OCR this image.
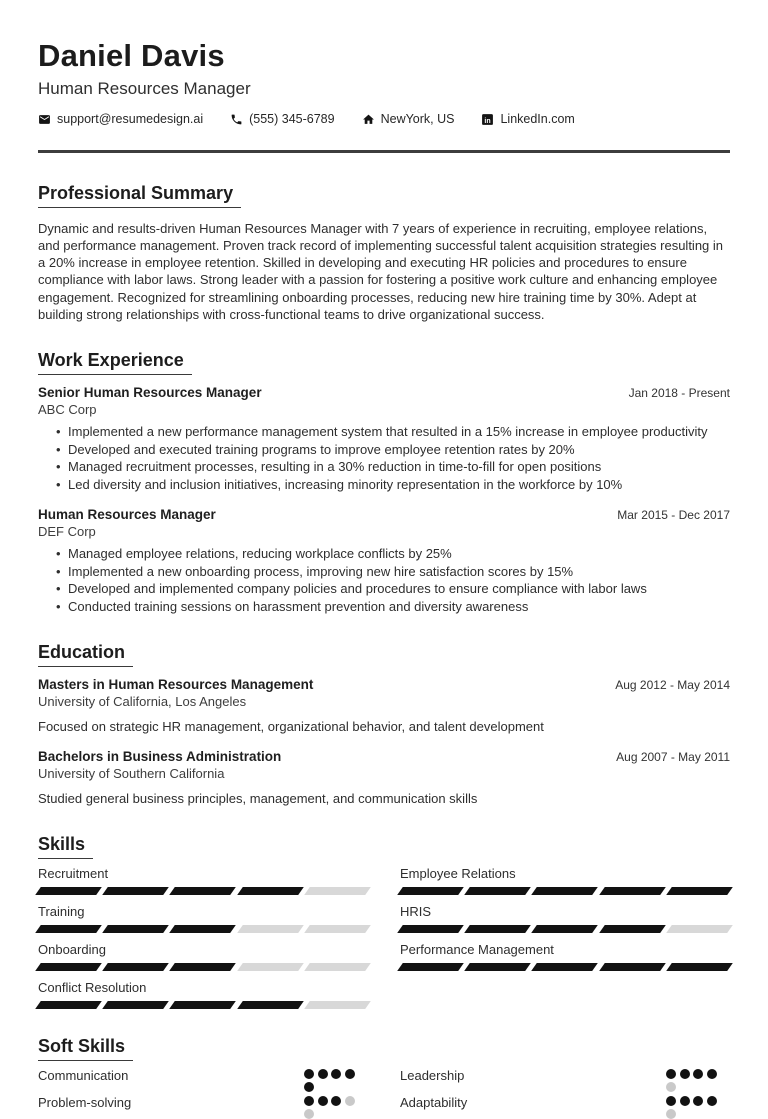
Daniel Davis
Human Resources Manager
support@resumedesign.ai	(555) 345-6789	NewYork, US in LinkedIn.com
Professional Summary

Dynamic and results-driven Human Resources Manager with 7 years of experience in recruiting, employee relations, and performance management. Proven track record of implementing successful talent acquisition strategies resulting in a 20% increase in employee retention. Skilled in developing and executing HR policies and procedures to ensure compliance with labor laws. Strong leader with a passion for fostering a positive work culture and enhancing employee engagement. Recognized for streamlining onboarding processes, reducing new hire training time by 30%. Adept at building strong relationships with cross-functional teams to drive organizational success.

Work Experience
Senior Human Resources Manager	Jan 2018 - Present
ABC Corp
• Implemented a new performance management system that resulted in a 15% increase in employee productivity
• Developed and executed training programs to improve employee retention rates by 20%
• Managed recruitment processes, resulting in a 30% reduction in time-to-fill for open positions
• Led diversity and inclusion initiatives, increasing minority representation in the workforce by 10%
Human Resources Manager	Mar 2015 - Dec 2017
DEF Corp
• Managed employee relations, reducing workplace conflicts by 25%
• Implemented a new onboarding process, improving new hire satisfaction scores by 15%
• Developed and implemented company policies and procedures to ensure compliance with labor laws
• Conducted training sessions on harassment prevention and diversity awareness
Education
Masters in Human Resources Management	Aug 2012 - May 2014
University of California, Los Angeles
Focused on strategic HR management, organizational behavior, and talent development
Bachelors in Business Administration	Aug 2007 - May 2011
University of Southern California
Studied general business principles, management, and communication skills
Skills
Recruitment	Employee Relations
Training	HRIS
Onboarding	Performance Management
Conflict Resolution
Soft Skills
Communication	Leadership
Problem-solving	Adaptability
